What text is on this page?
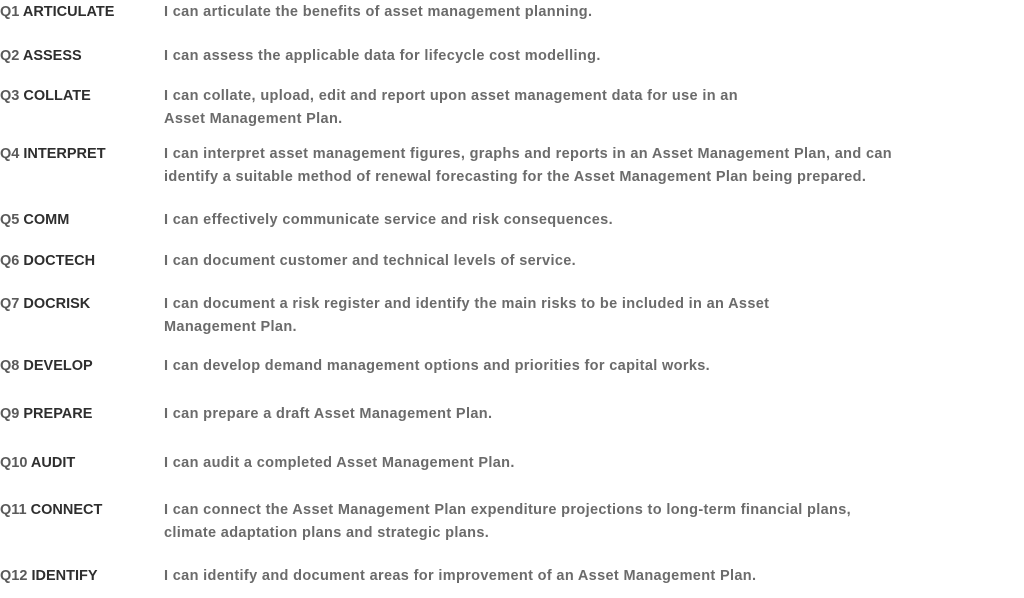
Q1 ARTICULATE	I can articulate the benefits of asset management planning.
Q2 ASSESS	I can assess the applicable data for lifecycle cost modelling.
Q3 COLLATE	I can collate, upload, edit and report upon asset management data for use in an
Asset Management Plan.
Q4 INTERPRET	I can interpret asset management figures, graphs and reports in an Asset Management Plan, and can
identify a suitable method of renewal forecasting for the Asset Management Plan being prepared.
Q5 COMM	I can effectively communicate service and risk consequences.
Q6 DOCTECH	I can document customer and technical levels of service.
Q7 DOCRISK	I can document a risk register and identify the main risks to be included in an Asset
Management Plan.
Q8 DEVELOP	I can develop demand management options and priorities for capital works.
Q9 PREPARE	I can prepare a draft Asset Management Plan.
Q10 AUDIT	I can audit a completed Asset Management Plan.
Q11 CONNECT	I can connect the Asset Management Plan expenditure projections to long-term financial plans,
climate adaptation plans and strategic plans.
Q12 IDENTIFY	I can identify and document areas for improvement of an Asset Management Plan.
